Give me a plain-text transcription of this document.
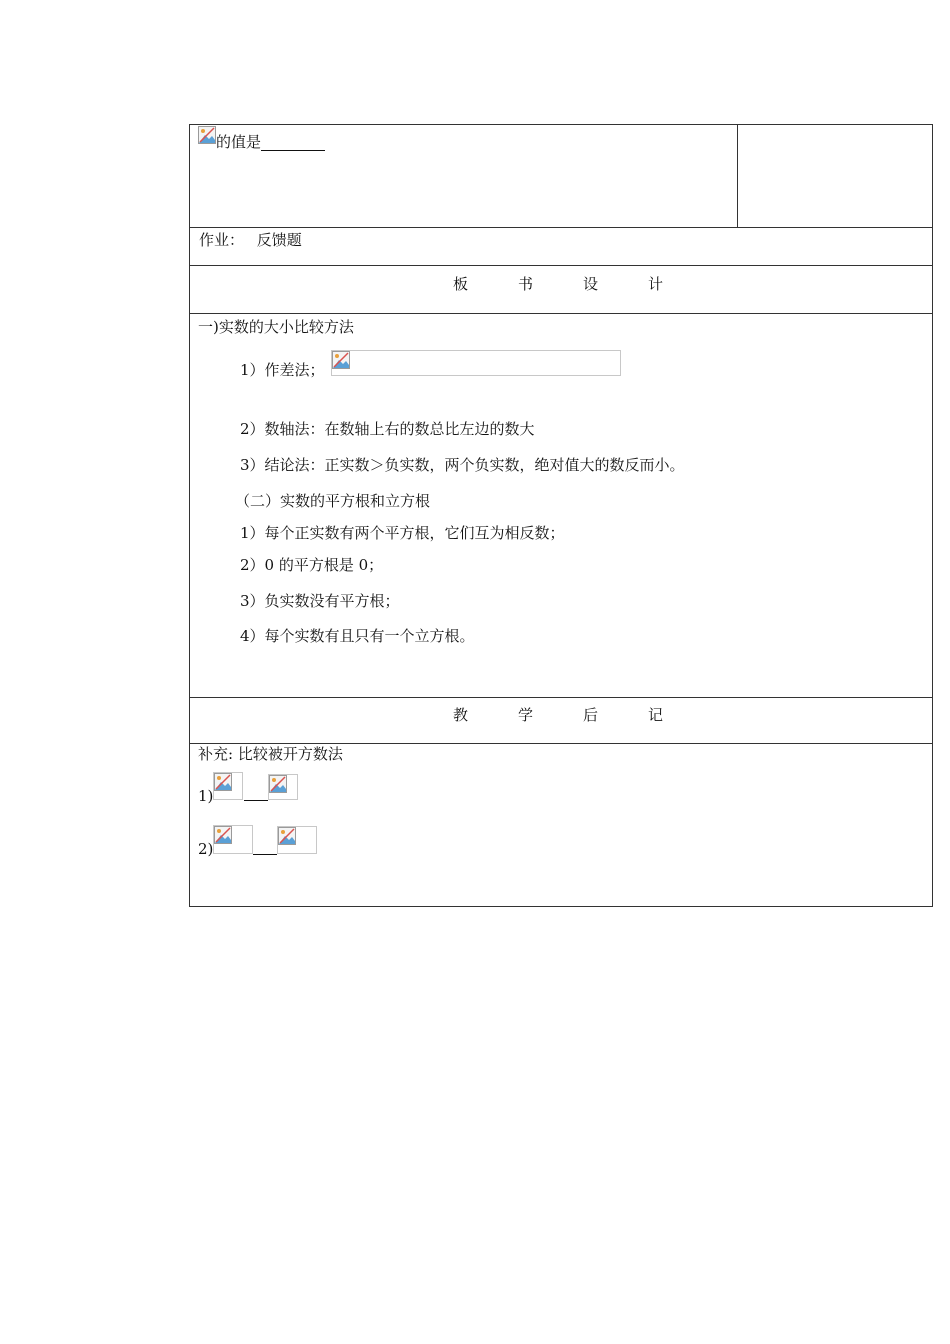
的值是
作业： 反馈题
板书设计
一)实数的大小比较方法
1）作差法；
2）数轴法：在数轴上右的数总比左边的数大
3）结论法：正实数＞负实数，两个负实数，绝对值大的数反而小。
（二）实数的平方根和立方根
1）每个正实数有两个平方根，它们互为相反数；
2）0 的平方根是 0；
3）负实数没有平方根；
4）每个实数有且只有一个立方根。
教学后记
补充: 比较被开方数法
1)
2)
